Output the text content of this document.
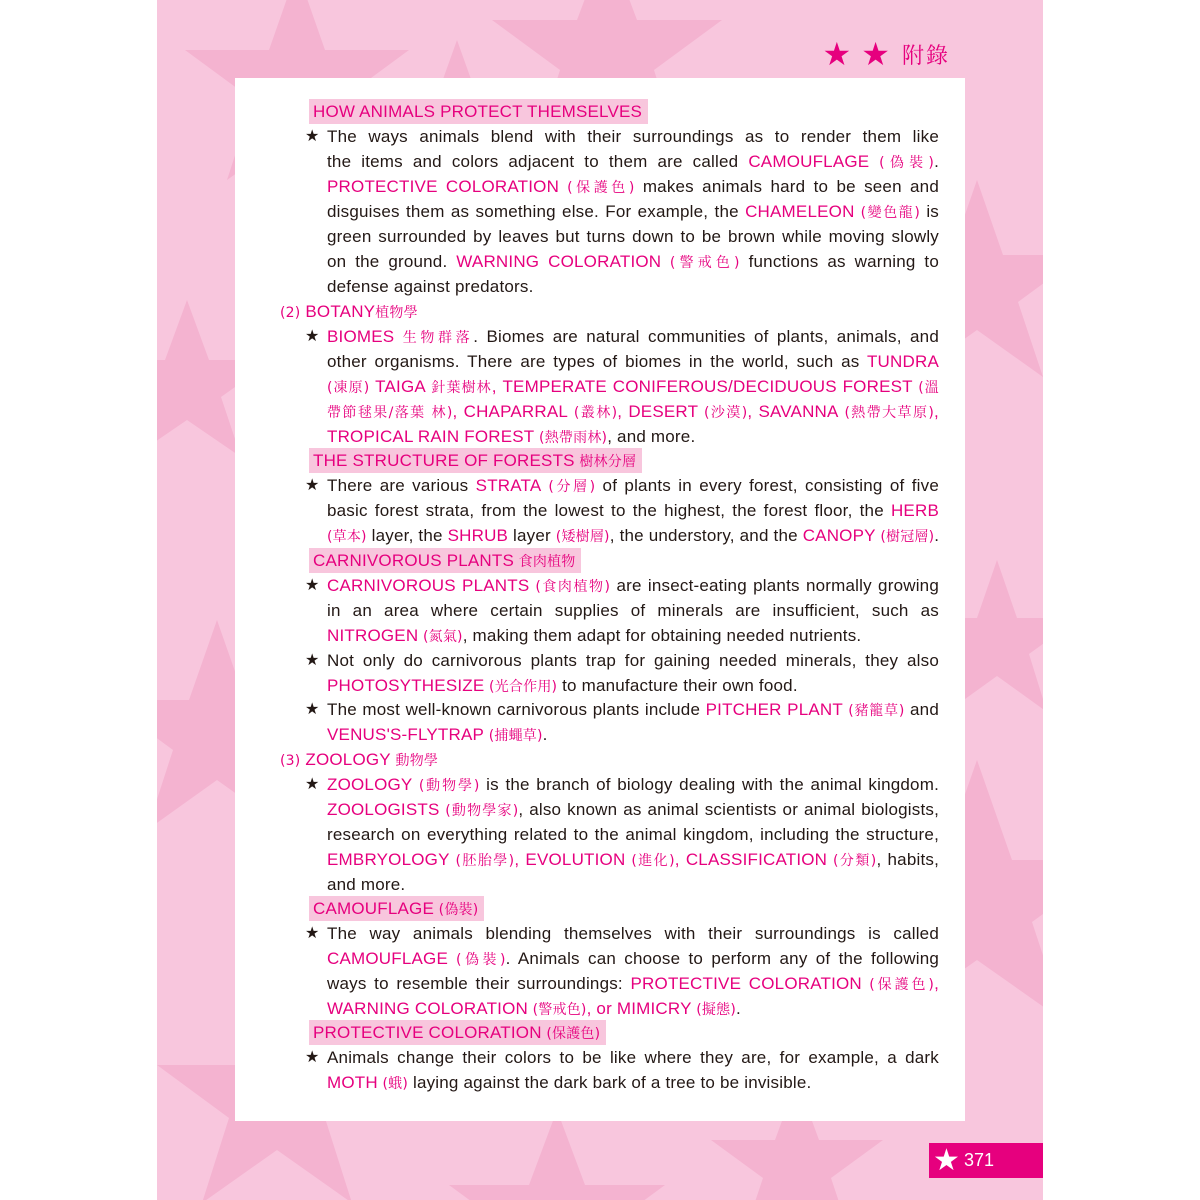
★ ★ 附錄
HOW ANIMALS PROTECT THEMSELVES
★ The ways animals blend with their surroundings as to render them like
the items and colors adjacent to them are called CAMOUFLAGE (偽裝).
PROTECTIVE COLORATION (保護色) makes animals hard to be seen and
disguises them as something else. For example, the CHAMELEON (變色龍) is
green surrounded by leaves but turns down to be brown while moving slowly
on the ground. WARNING COLORATION (警戒色) functions as warning to
defense against predators.
(2) BOTANY植物學
★ BIOMES 生物群落. Biomes are natural communities of plants, animals, and
other organisms. There are types of biomes in the world, such as TUNDRA
(凍原) TAIGA 針葉樹林, TEMPERATE CONIFEROUS/DECIDUOUS FOREST (溫
帶節毬果/落葉 林), CHAPARRAL (叢林), DESERT (沙漠), SAVANNA (熱帶大草原),
TROPICAL RAIN FOREST (熱帶雨林), and more.
THE STRUCTURE OF FORESTS 樹林分層
★ There are various STRATA (分層) of plants in every forest, consisting of five
basic forest strata, from the lowest to the highest, the forest floor, the HERB
(草本) layer, the SHRUB layer (矮樹層), the understory, and the CANOPY (樹冠層).
CARNIVOROUS PLANTS 食肉植物
★ CARNIVOROUS PLANTS (食肉植物) are insect-eating plants normally growing
in an area where certain supplies of minerals are insufficient, such as
NITROGEN (氮氣), making them adapt for obtaining needed nutrients.
★ Not only do carnivorous plants trap for gaining needed minerals, they also
PHOTOSYTHESIZE (光合作用) to manufacture their own food.
★ The most well-known carnivorous plants include PITCHER PLANT (豬籠草) and
VENUS'S-FLYTRAP (捕蠅草).
(3) ZOOLOGY 動物學
★ ZOOLOGY (動物學) is the branch of biology dealing with the animal kingdom.
ZOOLOGISTS (動物學家), also known as animal scientists or animal biologists,
research on everything related to the animal kingdom, including the structure,
EMBRYOLOGY (胚胎學), EVOLUTION (進化), CLASSIFICATION (分類), habits,
and more.
CAMOUFLAGE (偽裝)
★ The way animals blending themselves with their surroundings is called
CAMOUFLAGE (偽裝). Animals can choose to perform any of the following
ways to resemble their surroundings: PROTECTIVE COLORATION (保護色),
WARNING COLORATION (警戒色), or MIMICRY (擬態).
PROTECTIVE COLORATION (保護色)
★ Animals change their colors to be like where they are, for example, a dark
MOTH (蛾) laying against the dark bark of a tree to be invisible.
★ 371
